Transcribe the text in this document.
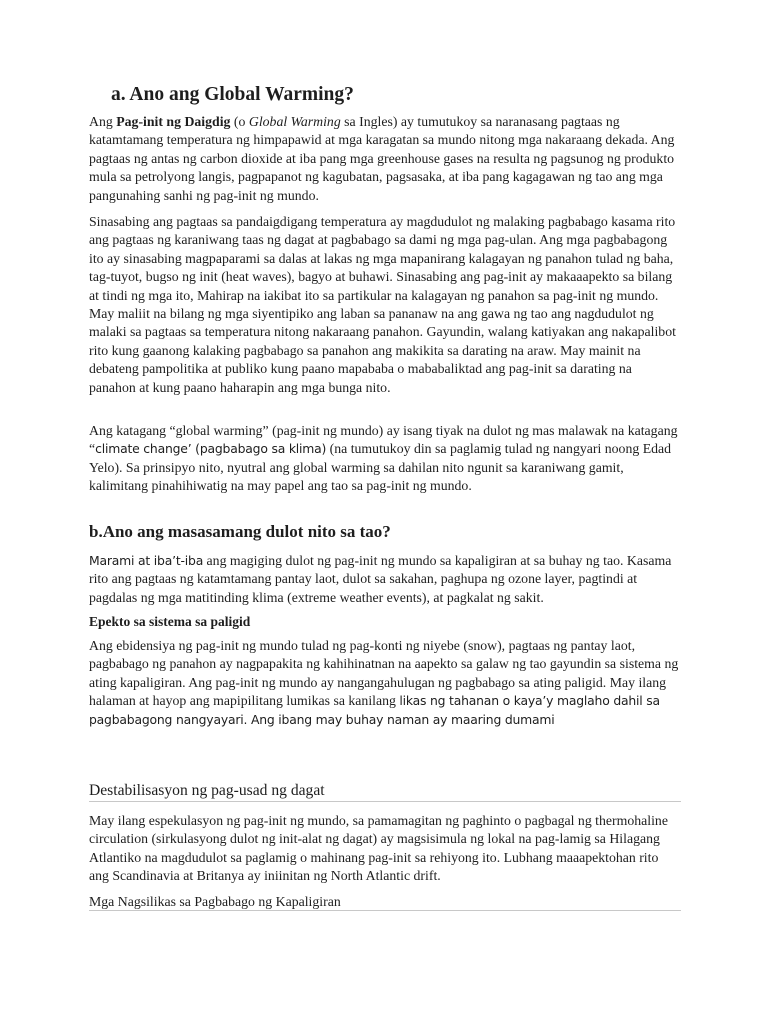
a. Ano ang Global Warming?

Ang Pag-init ng Daigdig (o Global Warming sa Ingles) ay tumutukoy sa naranasang pagtaas ng katamtamang temperatura ng himpapawid at mga karagatan sa mundo nitong mga nakaraang dekada. Ang pagtaas ng antas ng carbon dioxide at iba pang mga greenhouse gases na resulta ng pagsunog ng produkto mula sa petrolyong langis, pagpapanot ng kagubatan, pagsasaka, at iba pang kagagawan ng tao ang mga pangunahing sanhi ng pag-init ng mundo.

Sinasabing ang pagtaas sa pandaigdigang temperatura ay magdudulot ng malaking pagbabago kasama rito ang pagtaas ng karaniwang taas ng dagat at pagbabago sa dami ng mga pag-ulan. Ang mga pagbabagong ito ay sinasabing magpaparami sa dalas at lakas ng mga mapanirang kalagayan ng panahon tulad ng baha, tag-tuyot, bugso ng init (heat waves), bagyo at buhawi. Sinasabing ang pag-init ay makaaapekto sa bilang at tindi ng mga ito, Mahirap na iakibat ito sa partikular na kalagayan ng panahon sa pag-init ng mundo. May maliit na bilang ng mga siyentipiko ang laban sa pananaw na ang gawa ng tao ang nagdudulot ng malaki sa pagtaas sa temperatura nitong nakaraang panahon. Gayundin, walang katiyakan ang nakapalibot rito kung gaanong kalaking pagbabago sa panahon ang makikita sa darating na araw. May mainit na debateng pampolitika at publiko kung paano mapababa o mababaliktad ang pag-init sa darating na panahon at kung paano haharapin ang mga bunga nito.

Ang katagang “global warming” (pag-init ng mundo) ay isang tiyak na dulot ng mas malawak na katagang “climate change’ (pagbabago sa klima) (na tumutukoy din sa paglamig tulad ng nangyari noong Edad Yelo). Sa prinsipyo nito, nyutral ang global warming sa dahilan nito ngunit sa karaniwang gamit, kalimitang pinahihiwatig na may papel ang tao sa pag-init ng mundo.

b.Ano ang masasamang dulot nito sa tao?

Marami at iba’t-iba ang magiging dulot ng pag-init ng mundo sa kapaligiran at sa buhay ng tao. Kasama rito ang pagtaas ng katamtamang pantay laot, dulot sa sakahan, paghupa ng ozone layer, pagtindi at pagdalas ng mga matitinding klima (extreme weather events), at pagkalat ng sakit.

Epekto sa sistema sa paligid

Ang ebidensiya ng pag-init ng mundo tulad ng pag-konti ng niyebe (snow), pagtaas ng pantay laot, pagbabago ng panahon ay nagpapakita ng kahihinatnan na aapekto sa galaw ng tao gayundin sa sistema ng ating kapaligiran. Ang pag-init ng mundo ay nangangahulugan ng pagbabago sa ating paligid. May ilang halaman at hayop ang mapipilitang lumikas sa kanilang likas ng tahanan o kaya’y maglaho dahil sa pagbabagong nangyayari. Ang ibang may buhay naman ay maaring dumami

Destabilisasyon ng pag-usad ng dagat

May ilang espekulasyon ng pag-init ng mundo, sa pamamagitan ng paghinto o pagbagal ng thermohaline circulation (sirkulasyong dulot ng init-alat ng dagat) ay magsisimula ng lokal na pag-lamig sa Hilagang Atlantiko na magdudulot sa paglamig o mahinang pag-init sa rehiyong ito. Lubhang maaapektohan rito ang Scandinavia at Britanya ay iniinitan ng North Atlantic drift.

Mga Nagsilikas sa Pagbabago ng Kapaligiran
